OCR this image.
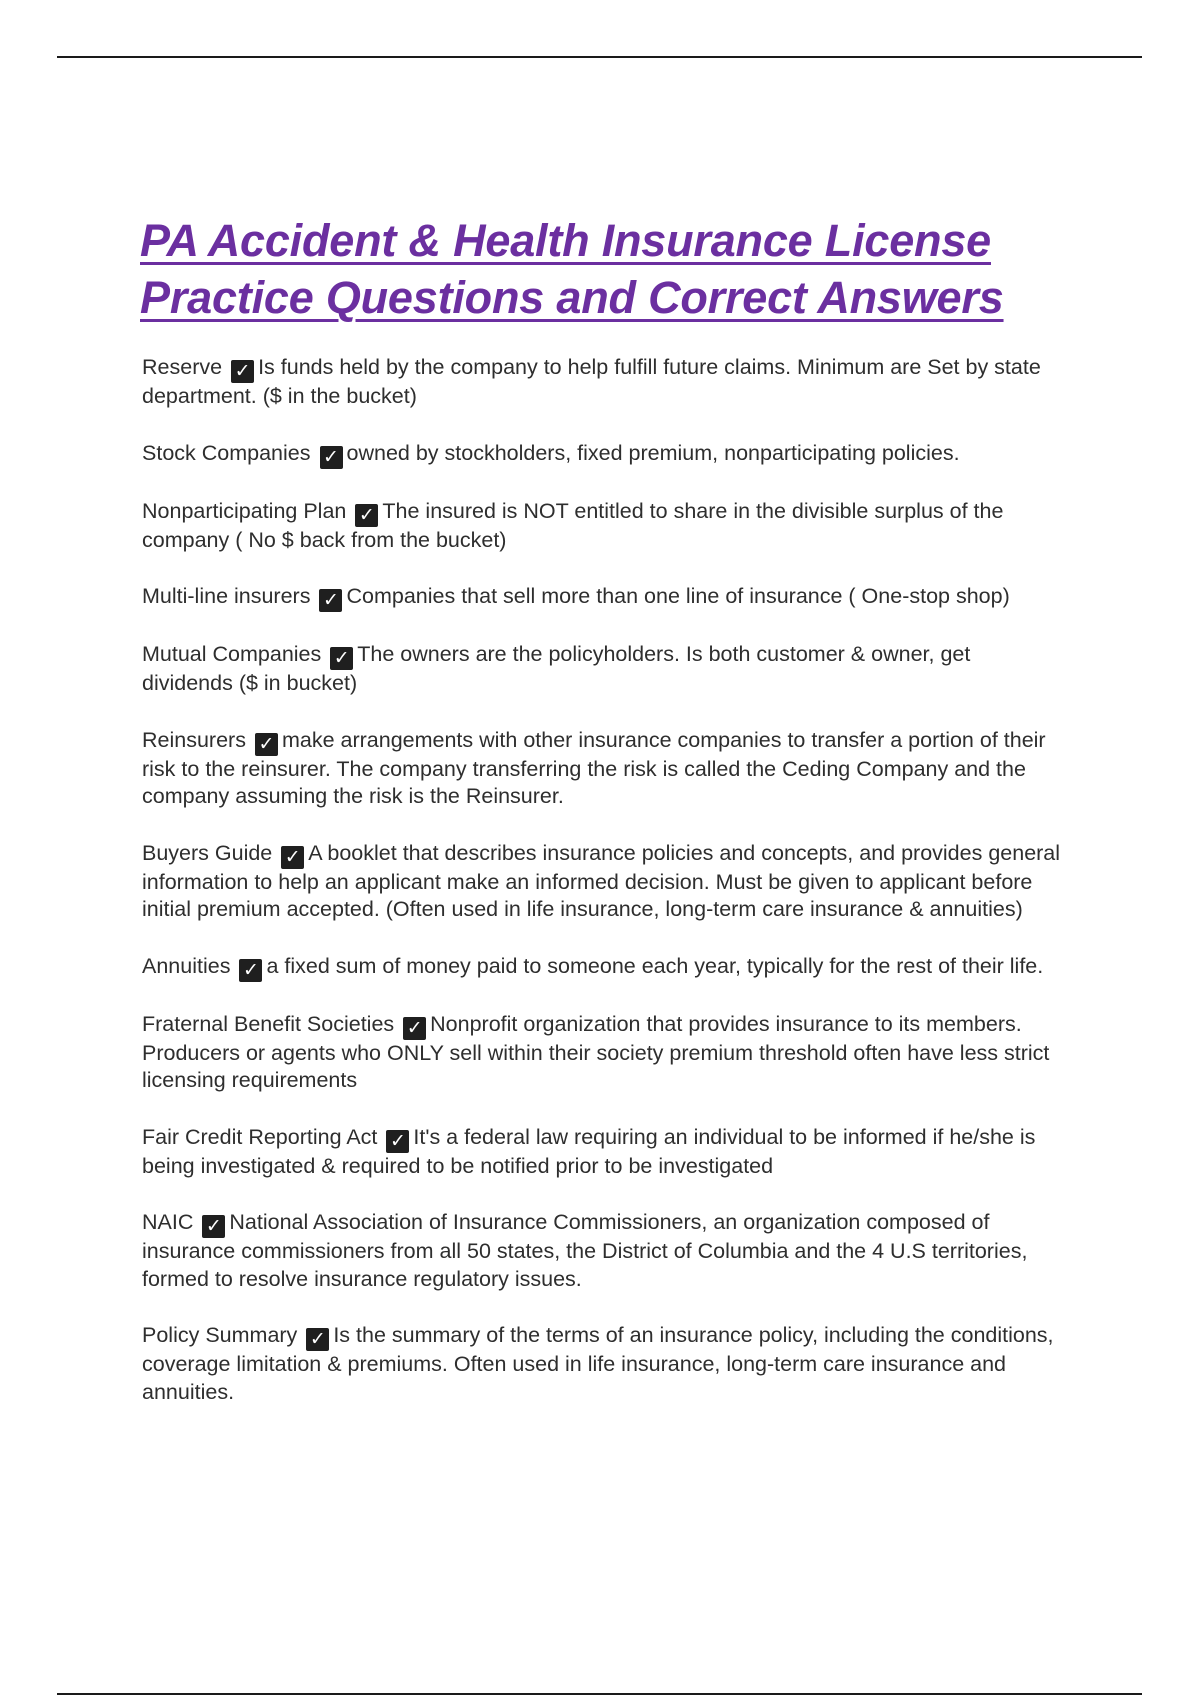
PA Accident & Health Insurance License
Practice Questions and Correct Answers

Reserve ✓ Is funds held by the company to help fulfill future claims. Minimum are Set by state department. ($ in the bucket)

Stock Companies ✓ owned by stockholders, fixed premium, nonparticipating policies.

Nonparticipating Plan ✓ The insured is NOT entitled to share in the divisible surplus of the company ( No $ back from the bucket)

Multi-line insurers ✓ Companies that sell more than one line of insurance ( One-stop shop)

Mutual Companies ✓ The owners are the policyholders. Is both customer & owner, get dividends ($ in bucket)

Reinsurers ✓ make arrangements with other insurance companies to transfer a portion of their risk to the reinsurer. The company transferring the risk is called the Ceding Company and the company assuming the risk is the Reinsurer.

Buyers Guide ✓ A booklet that describes insurance policies and concepts, and provides general information to help an applicant make an informed decision. Must be given to applicant before initial premium accepted. (Often used in life insurance, long-term care insurance & annuities)

Annuities ✓ a fixed sum of money paid to someone each year, typically for the rest of their life.

Fraternal Benefit Societies ✓ Nonprofit organization that provides insurance to its members. Producers or agents who ONLY sell within their society premium threshold often have less strict licensing requirements

Fair Credit Reporting Act ✓ It's a federal law requiring an individual to be informed if he/she is being investigated & required to be notified prior to be investigated

NAIC ✓ National Association of Insurance Commissioners, an organization composed of insurance commissioners from all 50 states, the District of Columbia and the 4 U.S territories, formed to resolve insurance regulatory issues.

Policy Summary ✓ Is the summary of the terms of an insurance policy, including the conditions, coverage limitation & premiums. Often used in life insurance, long-term care insurance and annuities.
